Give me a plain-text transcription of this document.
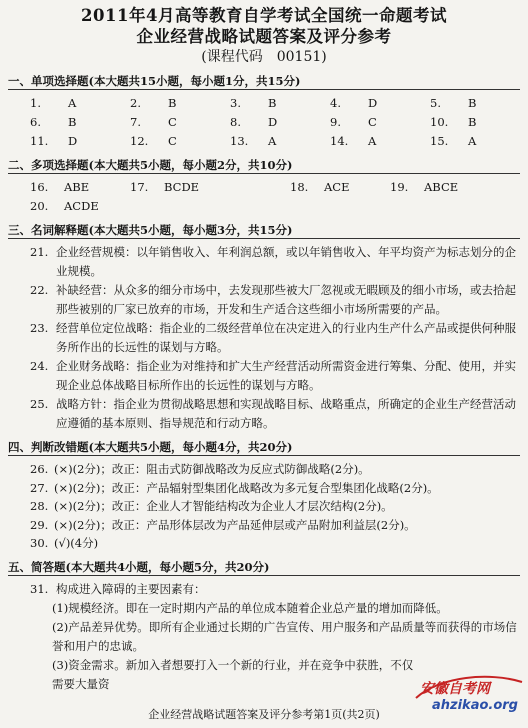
2011年4月高等教育自学考试全国统一命题考试
企业经营战略试题答案及评分参考
(课程代码　00151)
一、单项选择题(本大题共15小题，每小题1分，共15分)
1. A	2. B	3. B	4. D	5. B
6. B	7. C	8. D	9. C	10. B
11. D	12. C	13. A	14. A	15. A
二、多项选择题(本大题共5小题，每小题2分，共10分)
16. ABE	17. BCDE	18. ACE	19. ABCE
20. ACDE
三、名词解释题(本大题共5小题，每小题3分，共15分)
21. 企业经营规模：以年销售收入、年利润总额，或以年销售收入、年平均资产为标志划分的企业规模。
22. 补缺经营：从众多的细分市场中，去发现那些被大厂忽视或无暇顾及的细小市场，或去拾起那些被别的厂家已放弃的市场，开发和生产适合这些细小市场所需要的产品。
23. 经营单位定位战略：指企业的二级经营单位在决定进入的行业内生产什么产品或提供何种服务所作出的长远性的谋划与方略。
24. 企业财务战略：指企业为对维持和扩大生产经营活动所需资金进行筹集、分配、使用，并实现企业总体战略目标所作出的长远性的谋划与方略。
25. 战略方针：指企业为贯彻战略思想和实现战略目标、战略重点，所确定的企业生产经营活动应遵循的基本原则、指导规范和行动方略。
四、判断改错题(本大题共5小题，每小题4分，共20分)
26. (×)(2分)；改正：阻击式防御战略改为反应式防御战略(2分)。
27. (×)(2分)；改正：产品辐射型集团化战略改为多元复合型集团化战略(2分)。
28. (×)(2分)；改正：企业人才智能结构改为企业人才层次结构(2分)。
29. (×)(2分)；改正：产品形体层改为产品延伸层或产品附加利益层(2分)。
30. (√)(4分)
五、简答题(本大题共4小题，每小题5分，共20分)
31. 构成进入障碍的主要因素有：
(1)规模经济。即在一定时期内产品的单位成本随着企业总产量的增加而降低。
(2)产品差异优势。即所有企业通过长期的广告宣传、用户服务和产品质量等而获得的市场信誉和用户的忠诚。
(3)资金需求。新加入者想要打入一个新的行业，并在竞争中获胜，不仅需要大量资	安徽自考网
ahzikao.org
企业经营战略试题答案及评分参考第1页(共2页)
